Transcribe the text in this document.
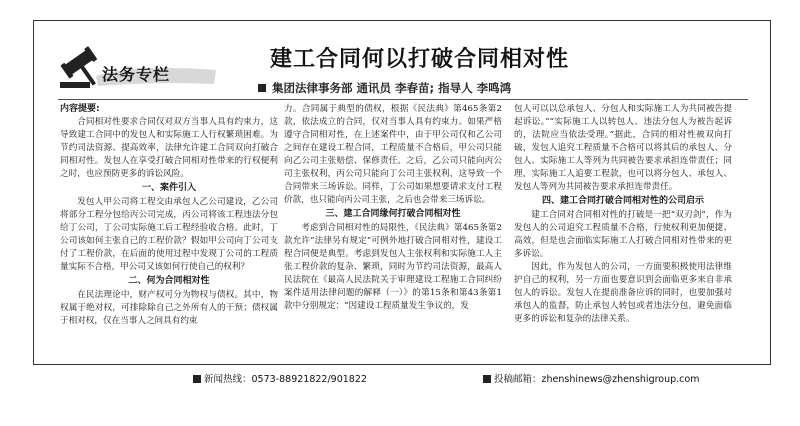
法务专栏
建工合同何以打破合同相对性
集团法律事务部 通讯员 李春苗; 指导人 李鸣鸿

内容提要:

合同相对性要求合同仅对双方当事人具有约束力，这导致建工合同中的发包人和实际施工人行权繁琐困难。为节约司法资源、提高效率，法律允许建工合同双向打破合同相对性。发包人在享受打破合同相对性带来的行权便利之时，也应预防更多的诉讼风险。

一、案件引入

发包人甲公司将工程交由承包人乙公司建设，乙公司将部分工程分包给丙公司完成，丙公司将该工程违法分包给丁公司，丁公司实际施工后工程经验收合格。此时，丁公司该如何主张自己的工程价款？假如甲公司向丁公司支付了工程价款，在后面的使用过程中发现丁公司的工程质量实际不合格，甲公司又该如何行使自己的权利？

二、何为合同相对性

在民法理论中，财产权可分为物权与债权。其中，物权属于绝对权，可排除除自己之外所有人的干预；债权属于相对权，仅在当事人之间具有约束

力。合同属于典型的债权，根据《民法典》第465条第2款，依法成立的合同，仅对当事人具有约束力。如果严格遵守合同相对性，在上述案件中，由于甲公司仅和乙公司之间存在建设工程合同，工程质量不合格后，甲公司只能向乙公司主张赔偿、保修责任。之后，乙公司只能向丙公司主张权利，丙公司只能向丁公司主张权利，这导致一个合同带来三场诉讼。同样，丁公司如果想要请求支付工程价款，也只能向丙公司主张，之后也会带来三场诉讼。

三、建工合同缘何打破合同相对性

考虑到合同相对性的局限性，《民法典》第465条第2款允许“法律另有规定”可例外地打破合同相对性，建设工程合同便是典型。考虑到发包人主张权利和实际施工人主张工程价款的复杂、繁琐，同时为节约司法资源，最高人民法院在《最高人民法院关于审理建设工程施工合同纠纷案件适用法律问题的解释（一）》的第15条和第43条第1款中分别规定：“因建设工程质量发生争议的，发

包人可以以总承包人、分包人和实际施工人为共同被告提起诉讼。”“实际施工人以转包人、违法分包人为被告起诉的，法院应当依法受理。”据此，合同的相对性被双向打破，发包人追究工程质量不合格可以将其后的承包人、分包人、实际施工人等列为共同被告要求承担连带责任；同理，实际施工人追要工程款，也可以将分包人、承包人、发包人等列为共同被告要求承担连带责任。

四、建工合同打破合同相对性的公司启示

建工合同对合同相对性的打破是一把“双刃剑”，作为发包人的公司追究工程质量不合格，行使权利更加便捷、高效，但是也会面临实际施工人打破合同相对性带来的更多诉讼。

因此，作为发包人的公司，一方面要积极使用法律维护自己的权利，另一方面也要意识到会面临更多来自非承包人的诉讼。发包人在提前准备应诉的同时，也要加强对承包人的监督，防止承包人转包或者违法分包，避免面临更多的诉讼和复杂的法律关系。

新闻热线：0573-88921822/901822	投稿邮箱：zhenshinews@zhenshigroup.com
